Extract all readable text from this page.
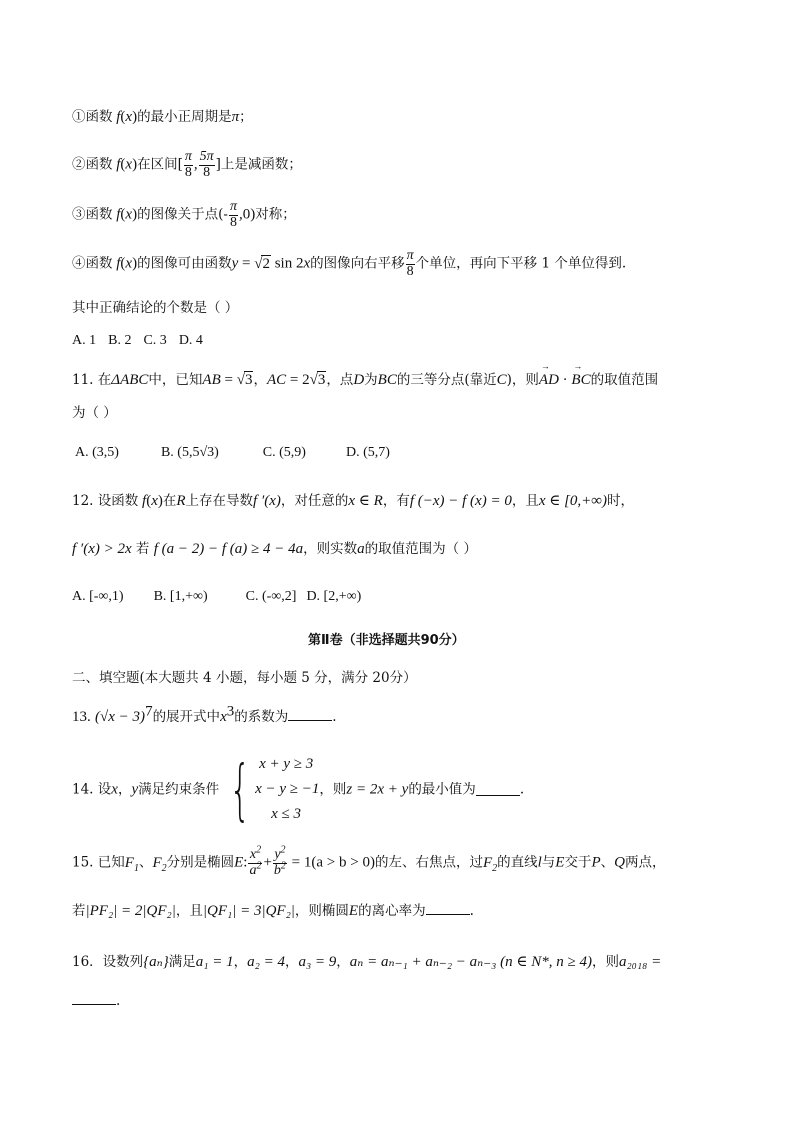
①函数 f(x)的最小正周期是π；
②函数 f(x)在区间[ $\frac{\pi}{8}$ , $\frac{5\pi}{8}$ ]上是减函数；
③函数 f(x)的图像关于点(- $\frac{\pi}{8} ,0$)对称；
④函数 f(x)的图像可由函数y = √2 sin 2x的图像向右平移 $\frac{\pi}{8}$ 个单位，再向下平移 1 个单位得到.
其中正确结论的个数是（ ）
A. 1 B. 2 C. 3 D. 4
11. 在ΔABC中，已知AB = √3，AC = 2√3，点D为BC的三等分点(靠近C)，则→ AD · → BC的取值范围
为（ ）
A. (3,5)	B. (5,5√3)	C. (5,9)	D. (5,7)
12. 设函数 f(x)在R上存在导数f ′(x)，对任意的x ∈ R，有f (−x) − f (x) = 0，且x ∈ [0,+∞)时，
f ′(x) > 2x 若 f (a − 2) − f (a) ≥ 4 − 4a，则实数a的取值范围为（ ）
A. [-∞,1) B. [1,+∞)	C. (-∞,2] D. [2,+∞)
第Ⅱ卷（非选择题共90分）
二、填空题(本大题共 4 小题，每小题 5 分，满分 20分）
13. $(√x - 3)^7$的展开式中$x^3$的系数为	.
14. 设x，y满足约束条件 { x + y ≥ 3
x − y ≥ −1
x ≤ 3
，则z = 2x + y的最小值为	.
15. 已知$F_1$、$F_2$分别是椭圆E: $\frac{x^2}{a^2} + \frac{y^2}{b^2} = 1(a > b > 0)$的左、右焦点，过$F_2$的直线l与E交于P、Q两点，
若|PF₂| = 2|QF₂|，且|QF₁| = 3|QF₂|，则椭圆E的离心率为	.
16．设数列{aₙ}满足a₁ = 1，a₂ = 4，a₃ = 9，aₙ = aₙ₋₁ + aₙ₋₂ − aₙ₋₃ (n ∈ N*, n ≥ 4)，则a₂₀₁₈ =
.
